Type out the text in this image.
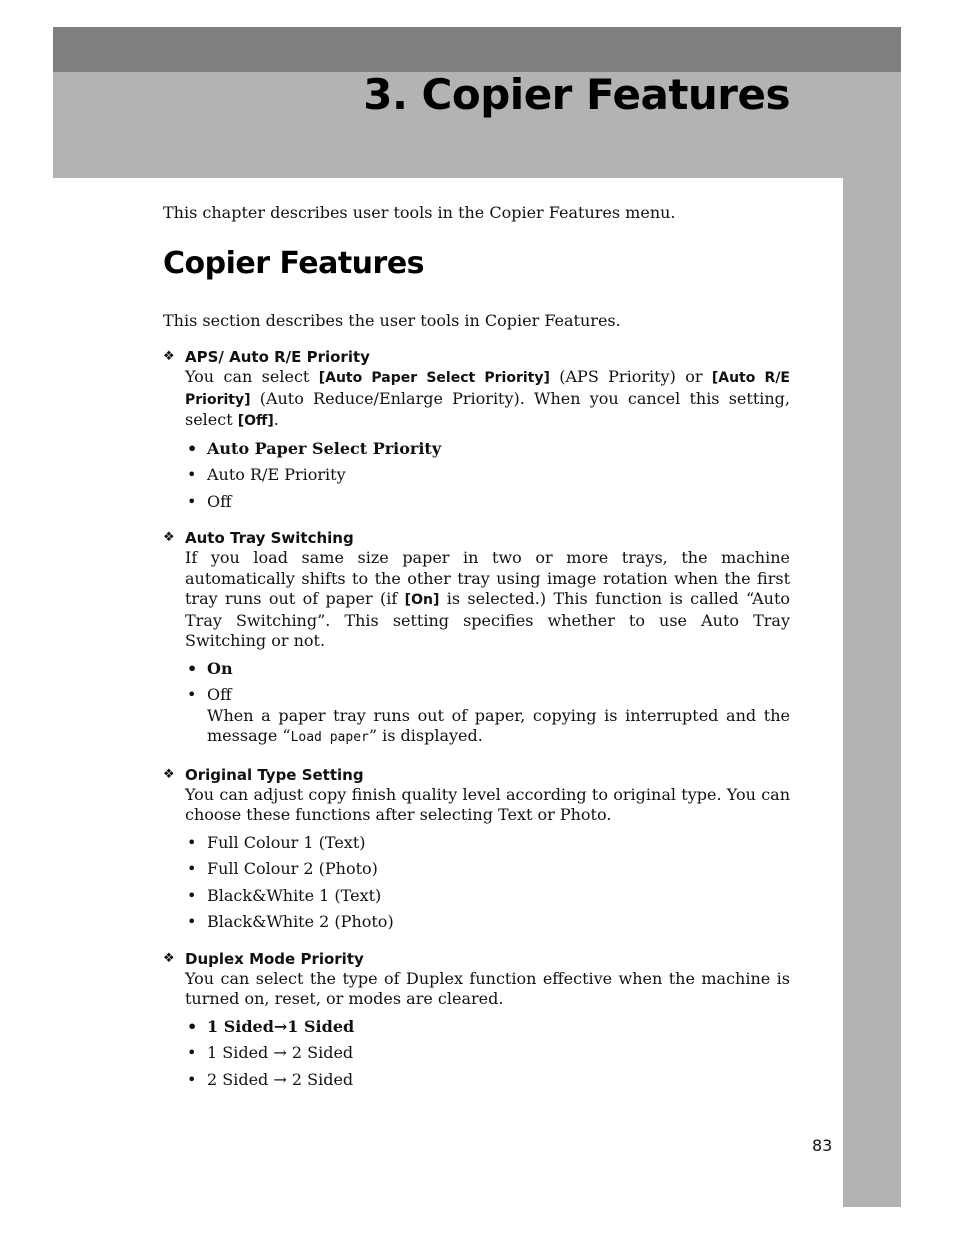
3. Copier Features

This chapter describes user tools in the Copier Features menu.

Copier Features

This section describes the user tools in Copier Features.

❖ APS/ Auto R/E Priority

You can select [Auto Paper Select Priority] (APS Priority) or [Auto R/E Priority] (Auto Reduce/Enlarge Priority). When you cancel this setting, select [Off].

• Auto Paper Select Priority
• Auto R/E Priority
• Off
❖ Auto Tray Switching

If you load same size paper in two or more trays, the machine automatically shifts to the other tray using image rotation when the first tray runs out of paper (if [On] is selected.) This function is called “Auto Tray Switching”. This setting specifies whether to use Auto Tray Switching or not.

• On
• Off
When a paper tray runs out of paper, copying is interrupted and the message “Load paper” is displayed.
❖ Original Type Setting

You can adjust copy finish quality level according to original type. You can choose these functions after selecting Text or Photo.

• Full Colour 1 (Text)
• Full Colour 2 (Photo)
• Black&White 1 (Text)
• Black&White 2 (Photo)
❖ Duplex Mode Priority

You can select the type of Duplex function effective when the machine is turned on, reset, or modes are cleared.

• 1 Sided→1 Sided
• 1 Sided → 2 Sided
• 2 Sided → 2 Sided
83
